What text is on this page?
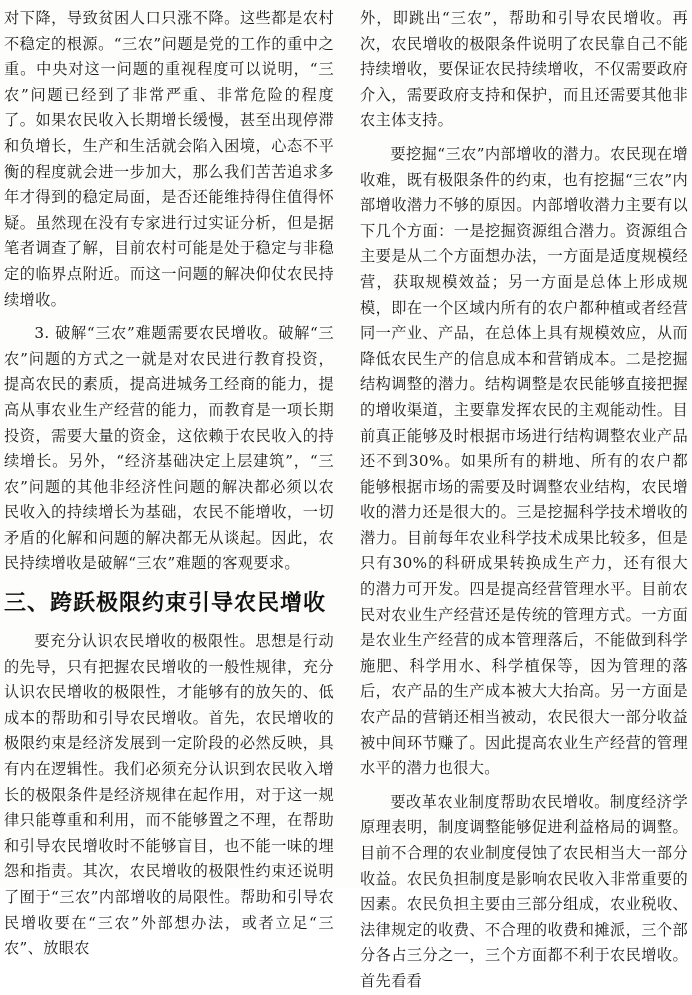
对下降，导致贫困人口只涨不降。这些都是农村不稳定的根源。“三农”问题是党的工作的重中之重。中央对这一问题的重视程度可以说明，“三农”问题已经到了非常严重、非常危险的程度了。如果农民收入长期增长缓慢，甚至出现停滞和负增长，生产和生活就会陷入困境，心态不平衡的程度就会进一步加大，那么我们苦苦追求多年才得到的稳定局面，是否还能维持得住值得怀疑。虽然现在没有专家进行过实证分析，但是据笔者调查了解，目前农村可能是处于稳定与非稳定的临界点附近。而这一问题的解决仰仗农民持续增收。

3. 破解“三农”难题需要农民增收。破解“三农”问题的方式之一就是对农民进行教育投资，提高农民的素质，提高进城务工经商的能力，提高从事农业生产经营的能力，而教育是一项长期投资，需要大量的资金，这依赖于农民收入的持续增长。另外，“经济基础决定上层建筑”，“三农”问题的其他非经济性问题的解决都必须以农民收入的持续增长为基础，农民不能增收，一切矛盾的化解和问题的解决都无从谈起。因此，农民持续增收是破解“三农”难题的客观要求。

三、跨跃极限约束引导农民增收

要充分认识农民增收的极限性。思想是行动的先导，只有把握农民增收的一般性规律，充分认识农民增收的极限性，才能够有的放矢的、低成本的帮助和引导农民增收。首先，农民增收的极限约束是经济发展到一定阶段的必然反映，具有内在逻辑性。我们必须充分认识到农民收入增长的极限条件是经济规律在起作用，对于这一规律只能尊重和利用，而不能够置之不理，在帮助和引导农民增收时不能够盲目，也不能一味的埋怨和指责。其次，农民增收的极限性约束还说明了囿于“三农”内部增收的局限性。帮助和引导农民增收要在“三农”外部想办法，或者立足“三农”、放眼农

外，即跳出“三农”，帮助和引导农民增收。再次，农民增收的极限条件说明了农民靠自己不能持续增收，要保证农民持续增收，不仅需要政府介入，需要政府支持和保护，而且还需要其他非农主体支持。

要挖掘“三农”内部增收的潜力。农民现在增收难，既有极限条件的约束，也有挖掘“三农”内部增收潜力不够的原因。内部增收潜力主要有以下几个方面：一是挖掘资源组合潜力。资源组合主要是从二个方面想办法，一方面是适度规模经营，获取规模效益；另一方面是总体上形成规模，即在一个区域内所有的农户都种植或者经营同一产业、产品，在总体上具有规模效应，从而降低农民生产的信息成本和营销成本。二是挖掘结构调整的潜力。结构调整是农民能够直接把握的增收渠道，主要靠发挥农民的主观能动性。目前真正能够及时根据市场进行结构调整农业产品还不到30%。如果所有的耕地、所有的农户都能够根据市场的需要及时调整农业结构，农民增收的潜力还是很大的。三是挖掘科学技术增收的潜力。目前每年农业科学技术成果比较多，但是只有30%的科研成果转换成生产力，还有很大的潜力可开发。四是提高经营管理水平。目前农民对农业生产经营还是传统的管理方式。一方面是农业生产经营的成本管理落后，不能做到科学施肥、科学用水、科学植保等，因为管理的落后，农产品的生产成本被大大抬高。另一方面是农产品的营销还相当被动，农民很大一部分收益被中间环节赚了。因此提高农业生产经营的管理水平的潜力也很大。

要改革农业制度帮助农民增收。制度经济学原理表明，制度调整能够促进利益格局的调整。目前不合理的农业制度侵蚀了农民相当大一部分收益。农民负担制度是影响农民收入非常重要的因素。农民负担主要由三部分组成，农业税收、法律规定的收费、不合理的收费和摊派，三个部分各占三分之一，三个方面都不利于农民增收。首先看看
